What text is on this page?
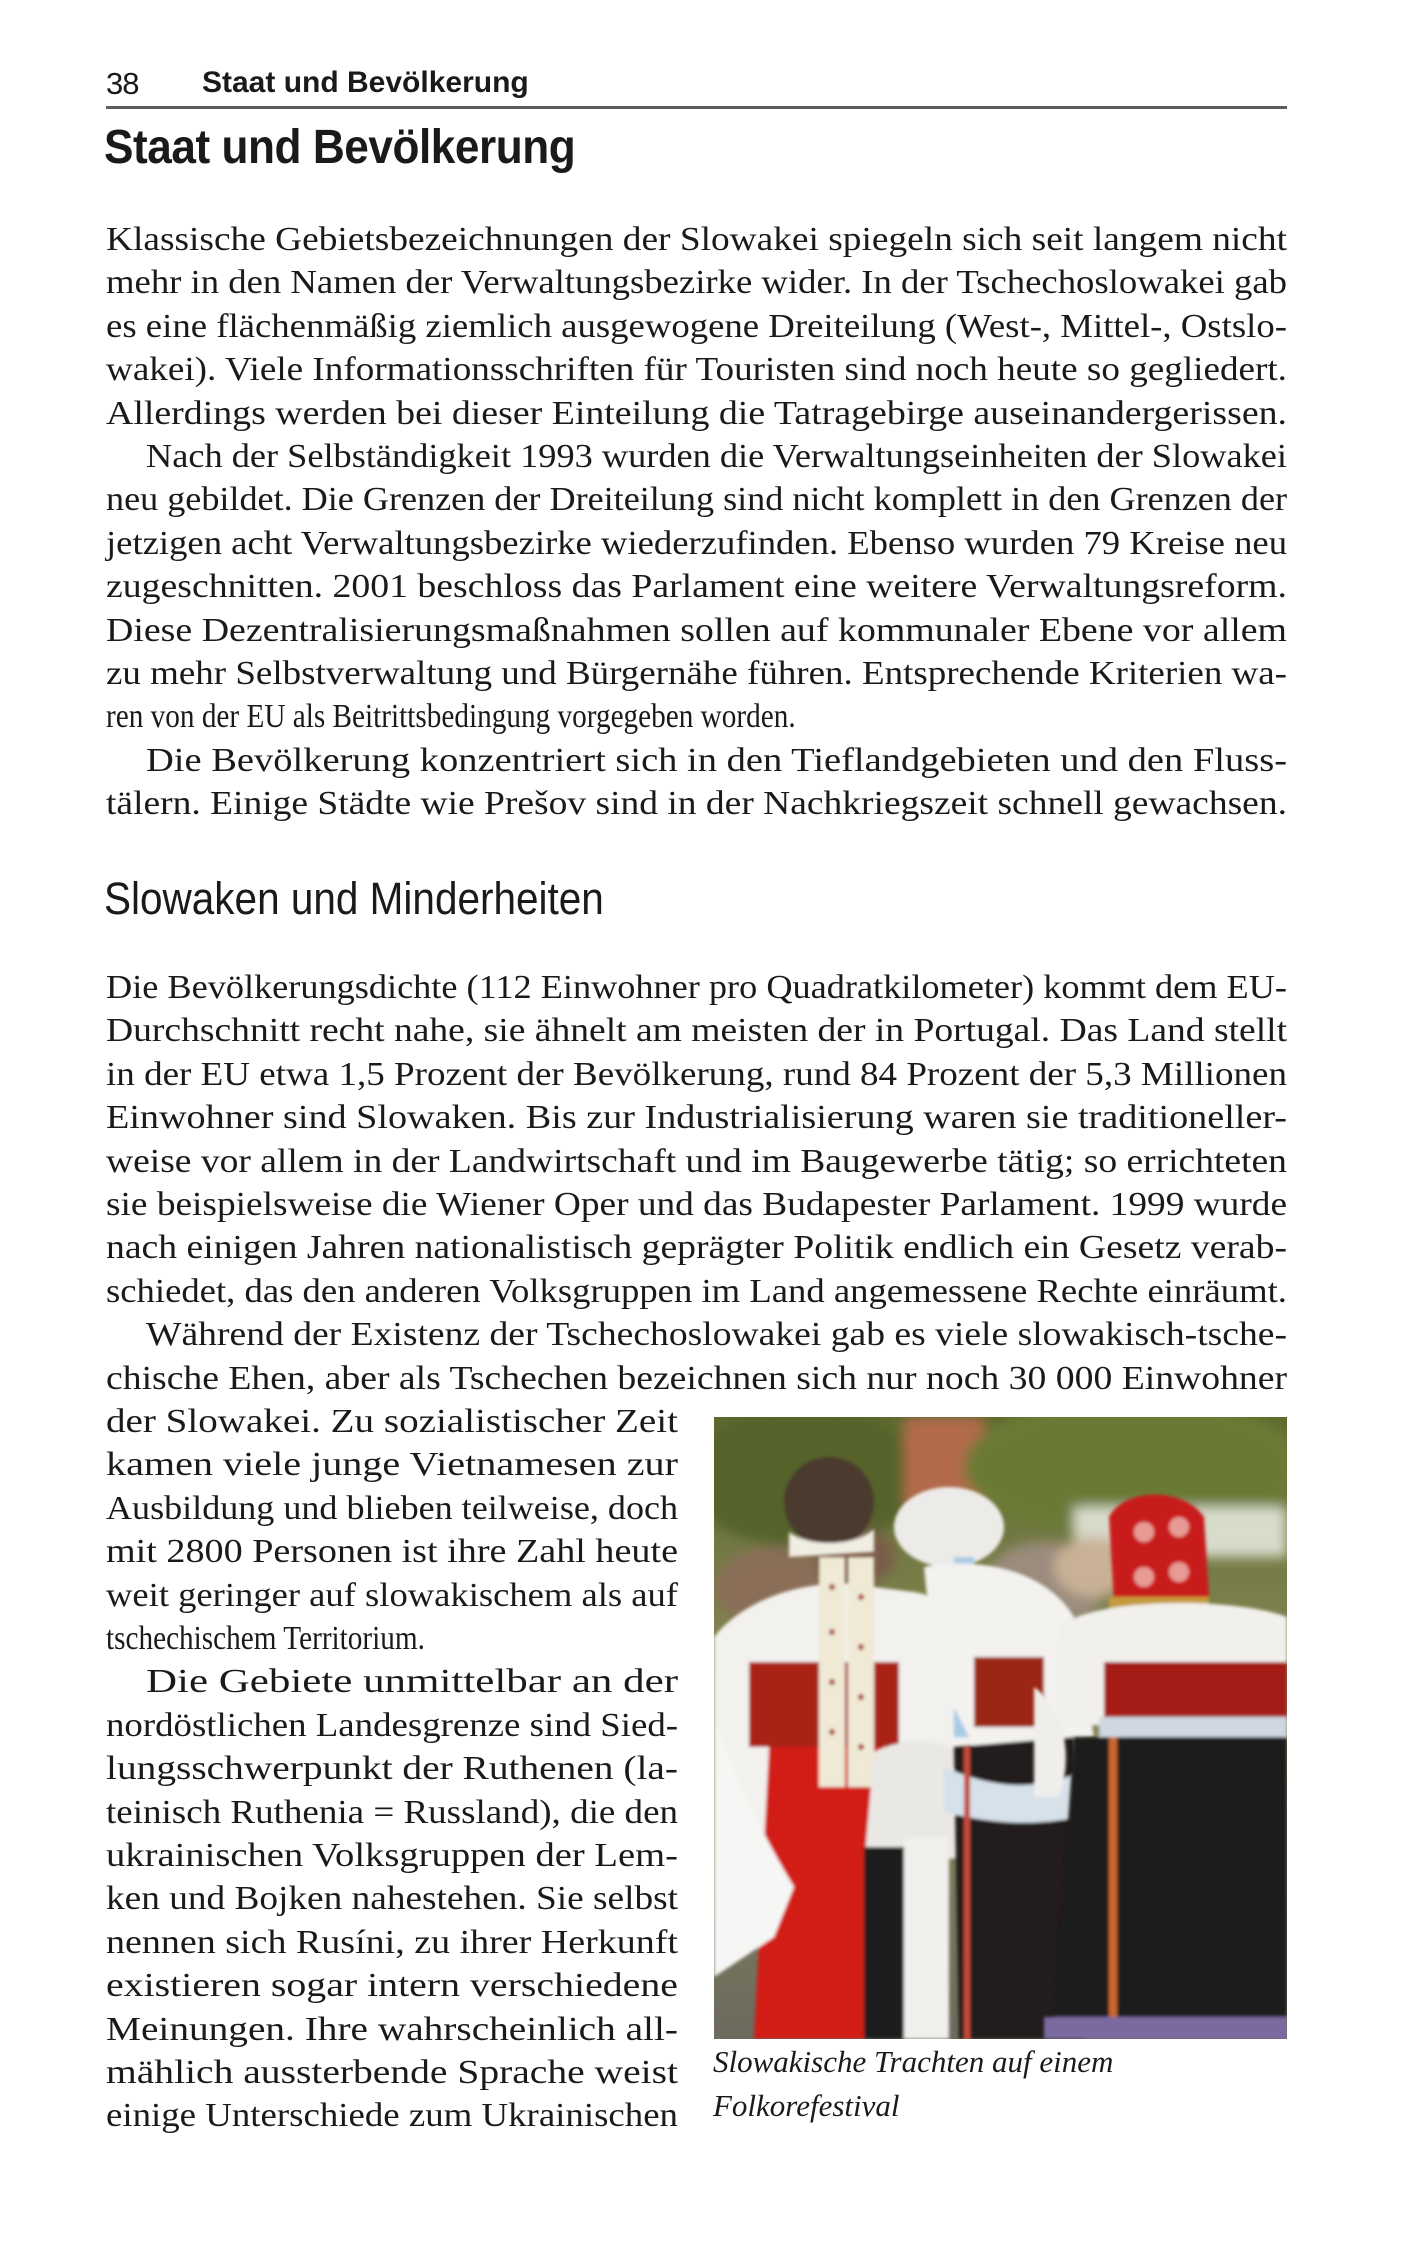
38 Staat und Bevölkerung
Staat und Bevölkerung
Klassische Gebietsbezeichnungen der Slowakei spiegeln sich seit langem nicht
mehr in den Namen der Verwaltungsbezirke wider. In der Tschechoslowakei gab
es eine flächenmäßig ziemlich ausgewogene Dreiteilung (West-, Mittel-, Ostslo-
wakei). Viele Informationsschriften für Touristen sind noch heute so gegliedert.
Allerdings werden bei dieser Einteilung die Tatragebirge auseinandergerissen.
Nach der Selbständigkeit 1993 wurden die Verwaltungseinheiten der Slowakei
neu gebildet. Die Grenzen der Dreiteilung sind nicht komplett in den Grenzen der
jetzigen acht Verwaltungsbezirke wiederzufinden. Ebenso wurden 79 Kreise neu
zugeschnitten. 2001 beschloss das Parlament eine weitere Verwaltungsreform.
Diese Dezentralisierungsmaßnahmen sollen auf kommunaler Ebene vor allem
zu mehr Selbstverwaltung und Bürgernähe führen. Entsprechende Kriterien wa-
ren von der EU als Beitrittsbedingung vorgegeben worden.
Die Bevölkerung konzentriert sich in den Tieflandgebieten und den Fluss-
tälern. Einige Städte wie Prešov sind in der Nachkriegszeit schnell gewachsen.
Slowaken und Minderheiten
Die Bevölkerungsdichte (112 Einwohner pro Quadratkilometer) kommt dem EU-
Durchschnitt recht nahe, sie ähnelt am meisten der in Portugal. Das Land stellt
in der EU etwa 1,5 Prozent der Bevölkerung, rund 84 Prozent der 5,3 Millionen
Einwohner sind Slowaken. Bis zur Industrialisierung waren sie traditioneller-
weise vor allem in der Landwirtschaft und im Baugewerbe tätig; so errichteten
sie beispielsweise die Wiener Oper und das Budapester Parlament. 1999 wurde
nach einigen Jahren nationalistisch geprägter Politik endlich ein Gesetz verab-
schiedet, das den anderen Volksgruppen im Land angemessene Rechte einräumt.
Während der Existenz der Tschechoslowakei gab es viele slowakisch-tsche-
chische Ehen, aber als Tschechen bezeichnen sich nur noch 30 000 Einwohner
der Slowakei. Zu sozialistischer Zeit
kamen viele junge Vietnamesen zur
Ausbildung und blieben teilweise, doch
mit 2800 Personen ist ihre Zahl heute
weit geringer auf slowakischem als auf
tschechischem Territorium.
Die Gebiete unmittelbar an der
nordöstlichen Landesgrenze sind Sied-
lungsschwerpunkt der Ruthenen (la-
teinisch Ruthenia = Russland), die den
ukrainischen Volksgruppen der Lem-
ken und Bojken nahestehen. Sie selbst
nennen sich Rusíni, zu ihrer Herkunft
existieren sogar intern verschiedene
Meinungen. Ihre wahrscheinlich all-
mählich aussterbende Sprache weist
einige Unterschiede zum Ukrainischen
Slowakische Trachten auf einem
Folkorefestival
